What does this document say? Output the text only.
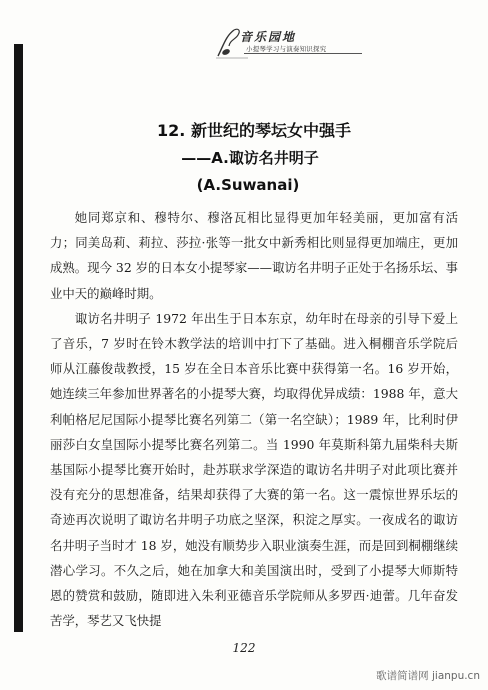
音乐园地
小提琴学习与演奏知识探究
12. 新世纪的琴坛女中强手
——A.诹访名井明子
(A.Suwanai)

她同郑京和、穆特尔、穆洛瓦相比显得更加年轻美丽，更加富有活力；同美岛莉、莉拉、莎拉·张等一批女中新秀相比则显得更加端庄，更加成熟。现今 32 岁的日本女小提琴家——诹访名井明子正处于名扬乐坛、事业中天的巅峰时期。

诹访名井明子 1972 年出生于日本东京，幼年时在母亲的引导下爱上了音乐，7 岁时在铃木教学法的培训中打下了基础。进入桐棚音乐学院后师从江藤俊哉教授，15 岁在全日本音乐比赛中获得第一名。16 岁开始，她连续三年参加世界著名的小提琴大赛，均取得优异成绩：1988 年，意大利帕格尼尼国际小提琴比赛名列第二（第一名空缺）；1989 年，比利时伊丽莎白女皇国际小提琴比赛名列第二。当 1990 年莫斯科第九届柴科夫斯基国际小提琴比赛开始时，赴苏联求学深造的诹访名井明子对此项比赛并没有充分的思想准备，结果却获得了大赛的第一名。这一震惊世界乐坛的奇迹再次说明了诹访名井明子功底之坚深，积淀之厚实。一夜成名的诹访名井明子当时才 18 岁，她没有顺势步入职业演奏生涯，而是回到桐棚继续潜心学习。不久之后，她在加拿大和美国演出时，受到了小提琴大师斯特恩的赞赏和鼓励，随即进入朱利亚德音乐学院师从多罗西·迪蕾。几年奋发苦学，琴艺又飞快提

122
歌谱简谱网 jianpu.cn
